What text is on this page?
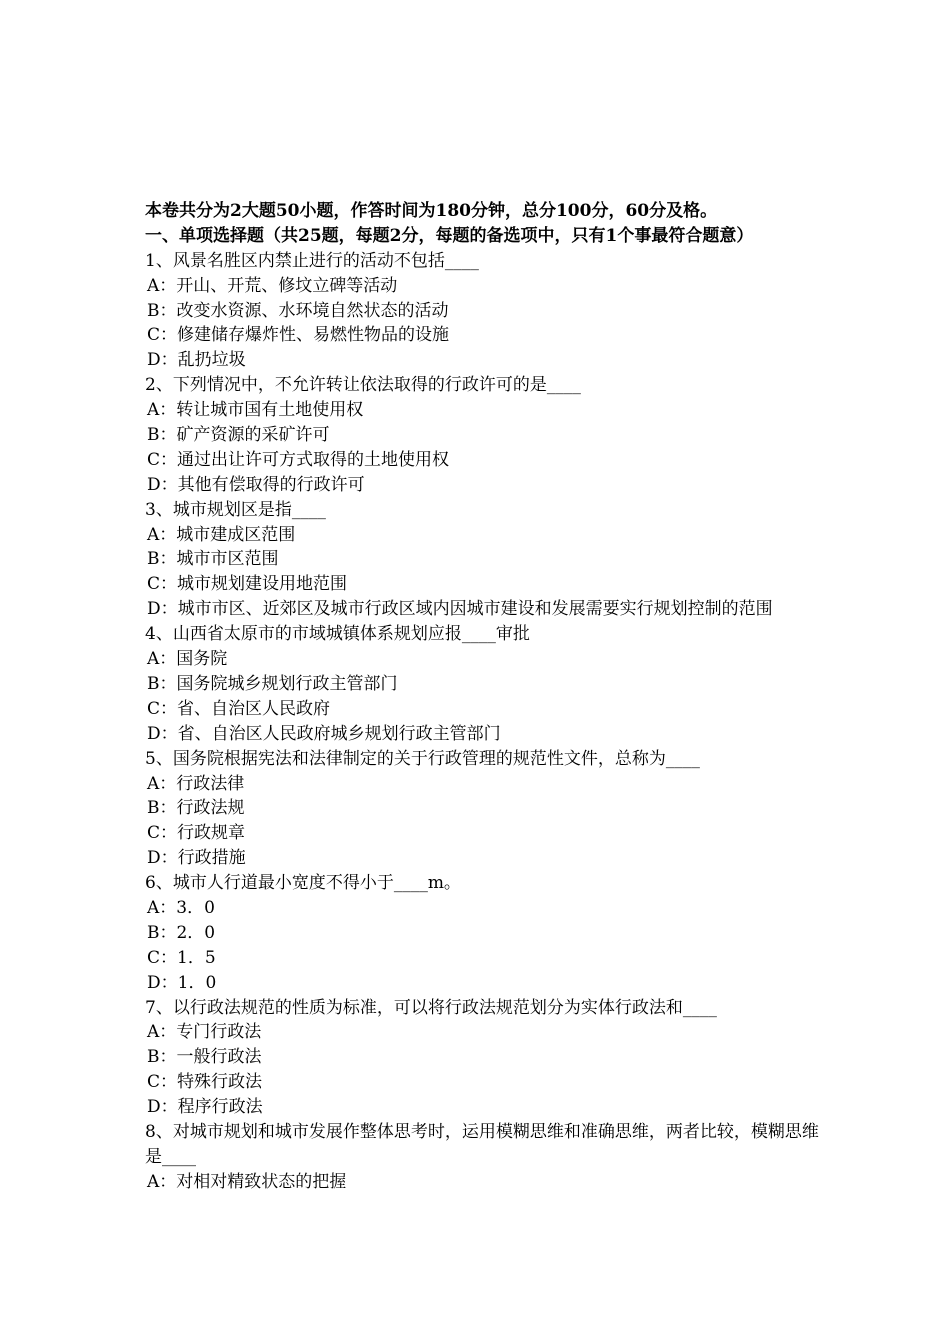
本卷共分为2大题50小题，作答时间为180分钟，总分100分，60分及格。
一、单项选择题（共25题，每题2分，每题的备选项中，只有1个事最符合题意）
1、风景名胜区内禁止进行的活动不包括____
A：开山、开荒、修坟立碑等活动
B：改变水资源、水环境自然状态的活动
C：修建储存爆炸性、易燃性物品的设施
D：乱扔垃圾
2、下列情况中，不允许转让依法取得的行政许可的是____
A：转让城市国有土地使用权
B：矿产资源的采矿许可
C：通过出让许可方式取得的土地使用权
D：其他有偿取得的行政许可
3、城市规划区是指____
A：城市建成区范围
B：城市市区范围
C：城市规划建设用地范围
D：城市市区、近郊区及城市行政区域内因城市建设和发展需要实行规划控制的范围
4、山西省太原市的市域城镇体系规划应报____审批
A：国务院
B：国务院城乡规划行政主管部门
C：省、自治区人民政府
D：省、自治区人民政府城乡规划行政主管部门
5、国务院根据宪法和法律制定的关于行政管理的规范性文件，总称为____
A：行政法律
B：行政法规
C：行政规章
D：行政措施
6、城市人行道最小宽度不得小于____m。
A：3．0
B：2．0
C：1．5
D：1．0
7、以行政法规范的性质为标准，可以将行政法规范划分为实体行政法和____
A：专门行政法
B：一般行政法
C：特殊行政法
D：程序行政法
8、对城市规划和城市发展作整体思考时，运用模糊思维和准确思维，两者比较，模糊思维是____
A：对相对精致状态的把握
